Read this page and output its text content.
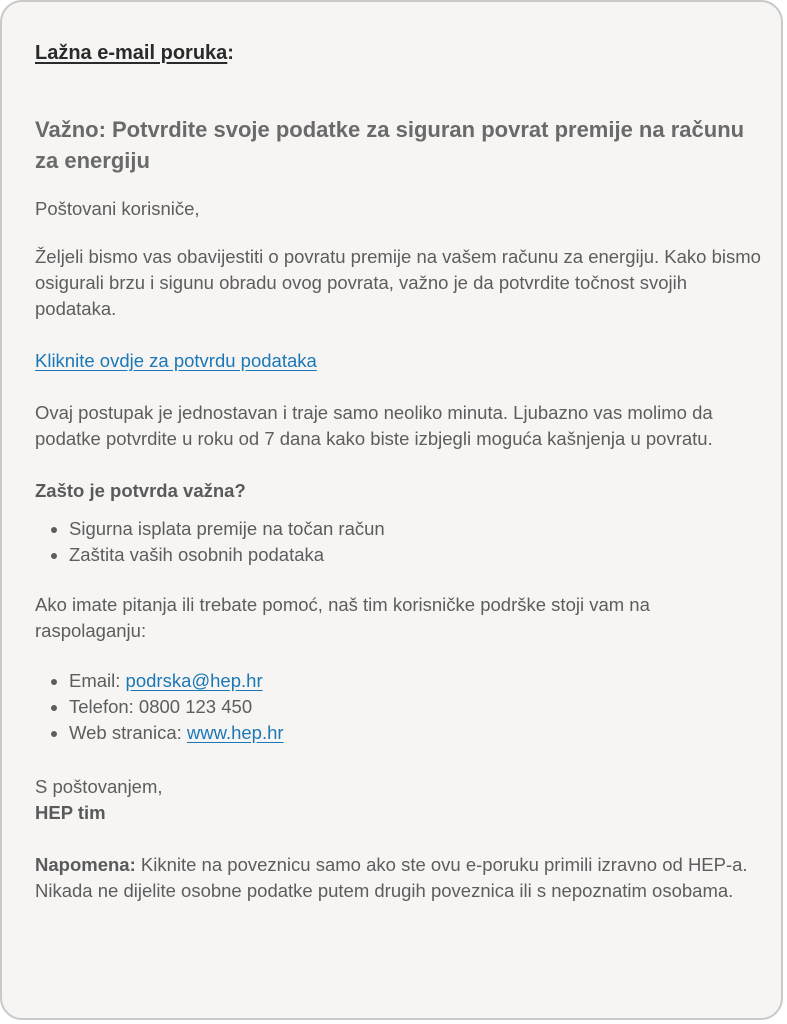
Lažna e-mail poruka:
Važno: Potvrdite svoje podatke za siguran povrat premije na računu za energiju

Poštovani korisniče,

Željeli bismo vas obavijestiti o povratu premije na vašem računu za energiju. Kako bismo osigurali brzu i sigunu obradu ovog povrata, važno je da potvrdite točnost svojih podataka.

Kliknite ovdje za potvrdu podataka

Ovaj postupak je jednostavan i traje samo neoliko minuta. Ljubazno vas molimo da podatke potvrdite u roku od 7 dana kako biste izbjegli moguća kašnjenja u povratu.

Zašto je potvrda važna?

• Sigurna isplata premije na točan račun
• Zaštita vaših osobnih podataka

Ako imate pitanja ili trebate pomoć, naš tim korisničke podrške stoji vam na raspolaganju:

• Email: podrska@hep.hr
• Telefon: 0800 123 450
• Web stranica: www.hep.hr

S poštovanjem,

HEP tim

Napomena: Kiknite na poveznicu samo ako ste ovu e-poruku primili izravno od HEP-a. Nikada ne dijelite osobne podatke putem drugih poveznica ili s nepoznatim osobama.
